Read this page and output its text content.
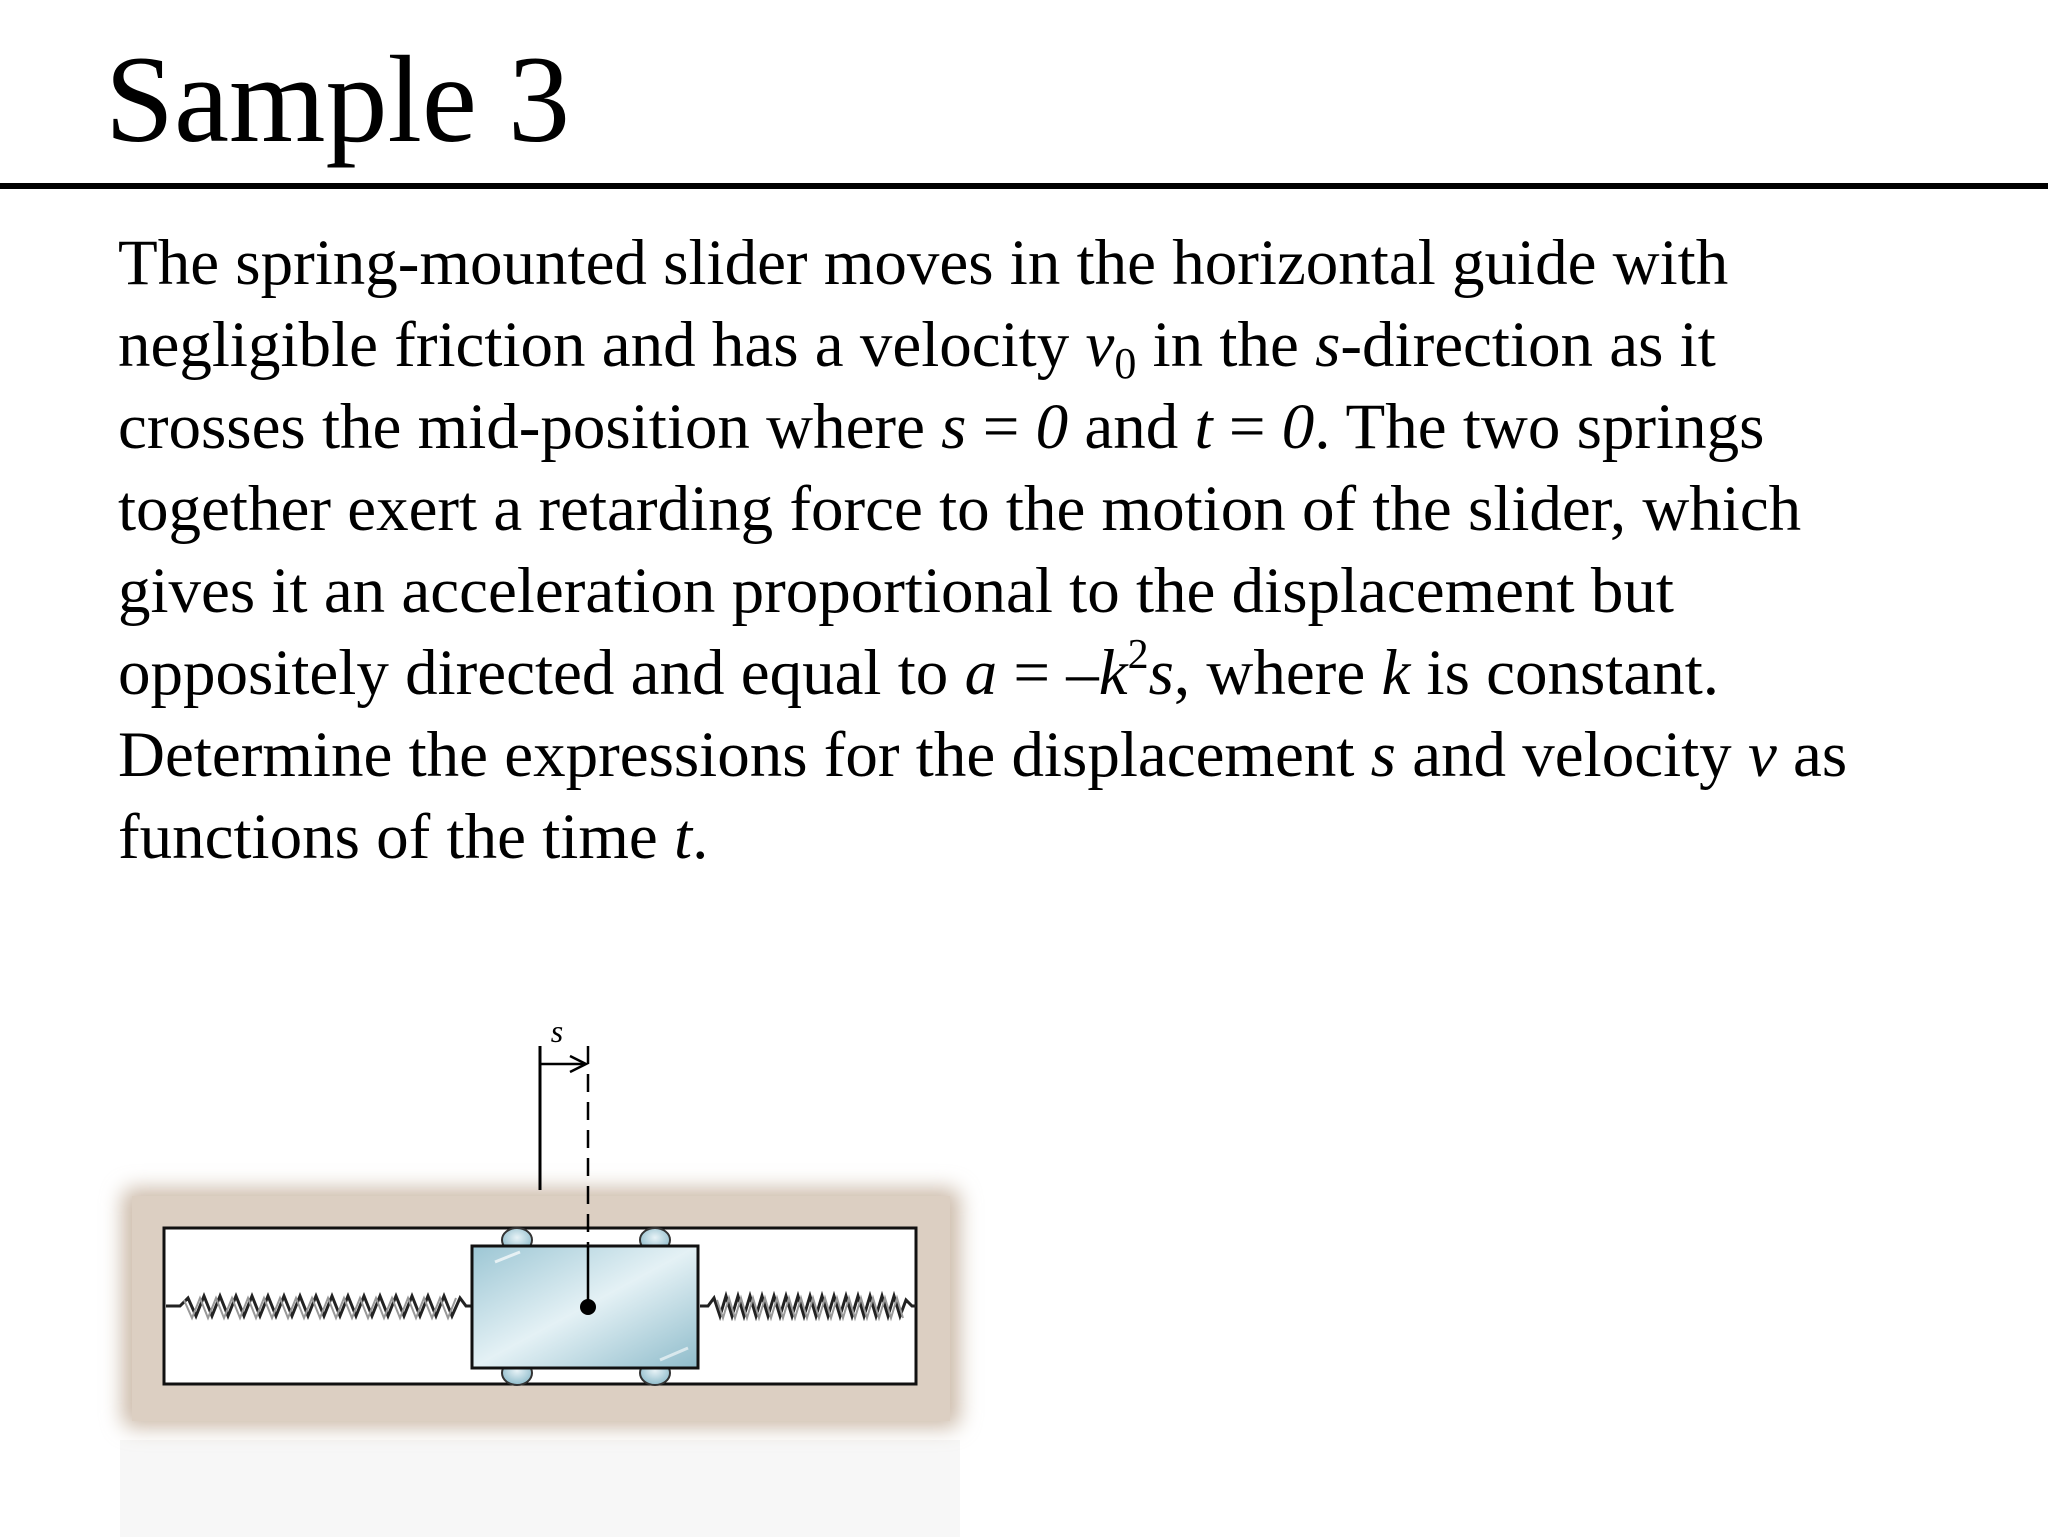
Sample 3
The spring-mounted slider moves in the horizontal guide with
negligible friction and has a velocity $v_0$ in the s-direction as it
crosses the mid-position where s = 0 and t = 0. The two springs
together exert a retarding force to the motion of the slider, which
gives it an acceleration proportional to the displacement but
oppositely directed and equal to $a = -k^2s$, where k is constant.
Determine the expressions for the displacement s and velocity v as
functions of the time t.
s
